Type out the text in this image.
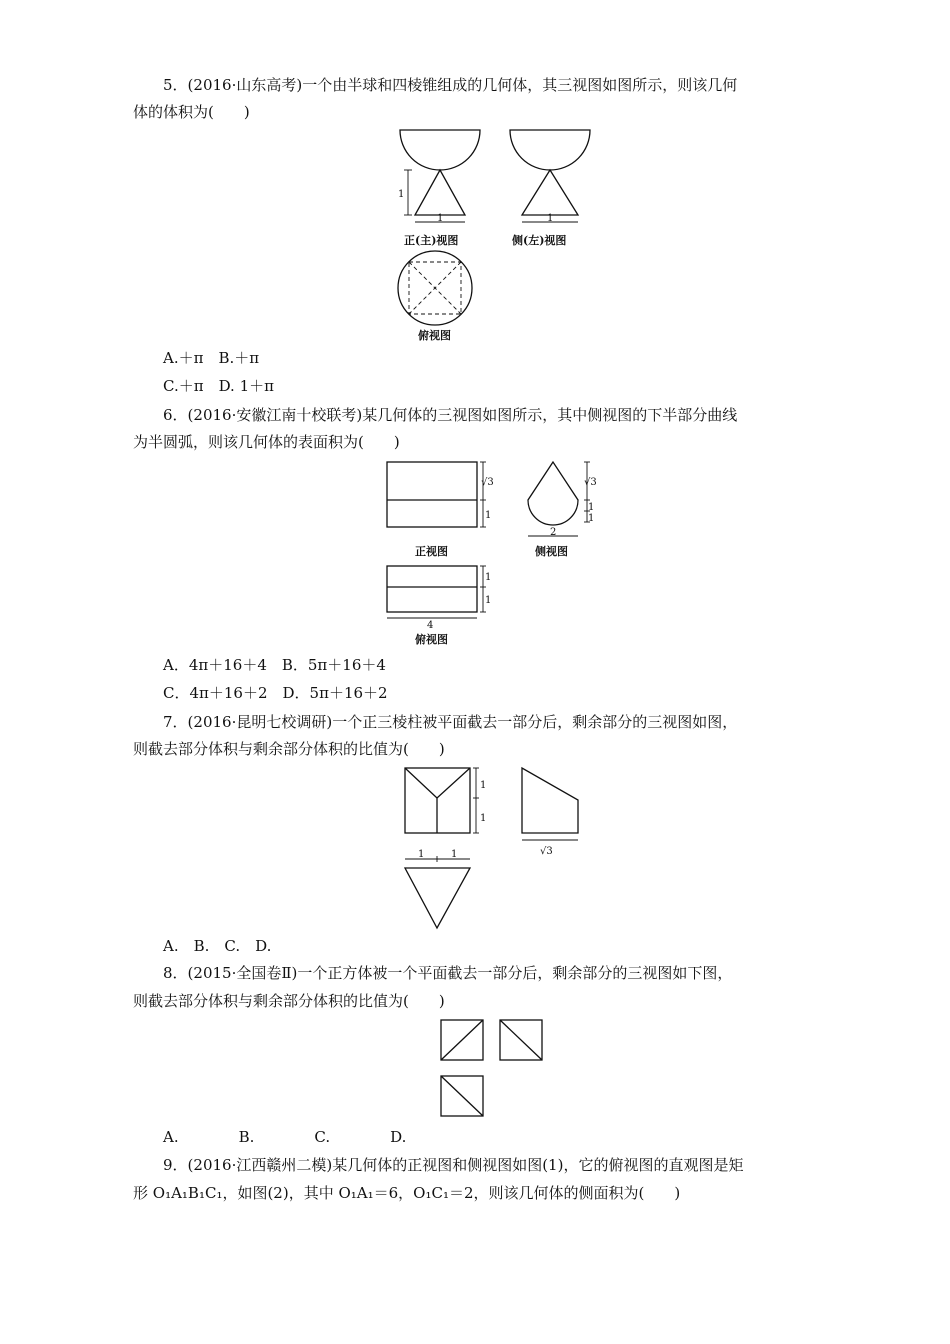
5．(2016·山东高考)一个由半球和四棱锥组成的几何体，其三视图如图所示，则该几何
体的体积为(　　)
1
1
正(主)视图
1
侧(左)视图
俯视图
A.＋π　B.＋π
C.＋π　D. 1＋π
6．(2016·安徽江南十校联考)某几何体的三视图如图所示，其中侧视图的下半部分曲线
为半圆弧，则该几何体的表面积为(　　)
√3
1
正视图
√3
1
1
2
侧视图
1
1
4
俯视图
A．4π＋16＋4　B．5π＋16＋4
C．4π＋16＋2　D．5π＋16＋2
7．(2016·昆明七校调研)一个正三棱柱被平面截去一部分后，剩余部分的三视图如图，
则截去部分体积与剩余部分体积的比值为(　　)
1
1
√3
1	1
A.　B.　C.　D.
8．(2015·全国卷Ⅱ)一个正方体被一个平面截去一部分后，剩余部分的三视图如下图，
则截去部分体积与剩余部分体积的比值为(　　)
A.　　　　B.　　　　C.　　　　D.
9．(2016·江西赣州二模)某几何体的正视图和侧视图如图(1)，它的俯视图的直观图是矩
形 O₁A₁B₁C₁，如图(2)，其中 O₁A₁＝6，O₁C₁＝2，则该几何体的侧面积为(　　)
